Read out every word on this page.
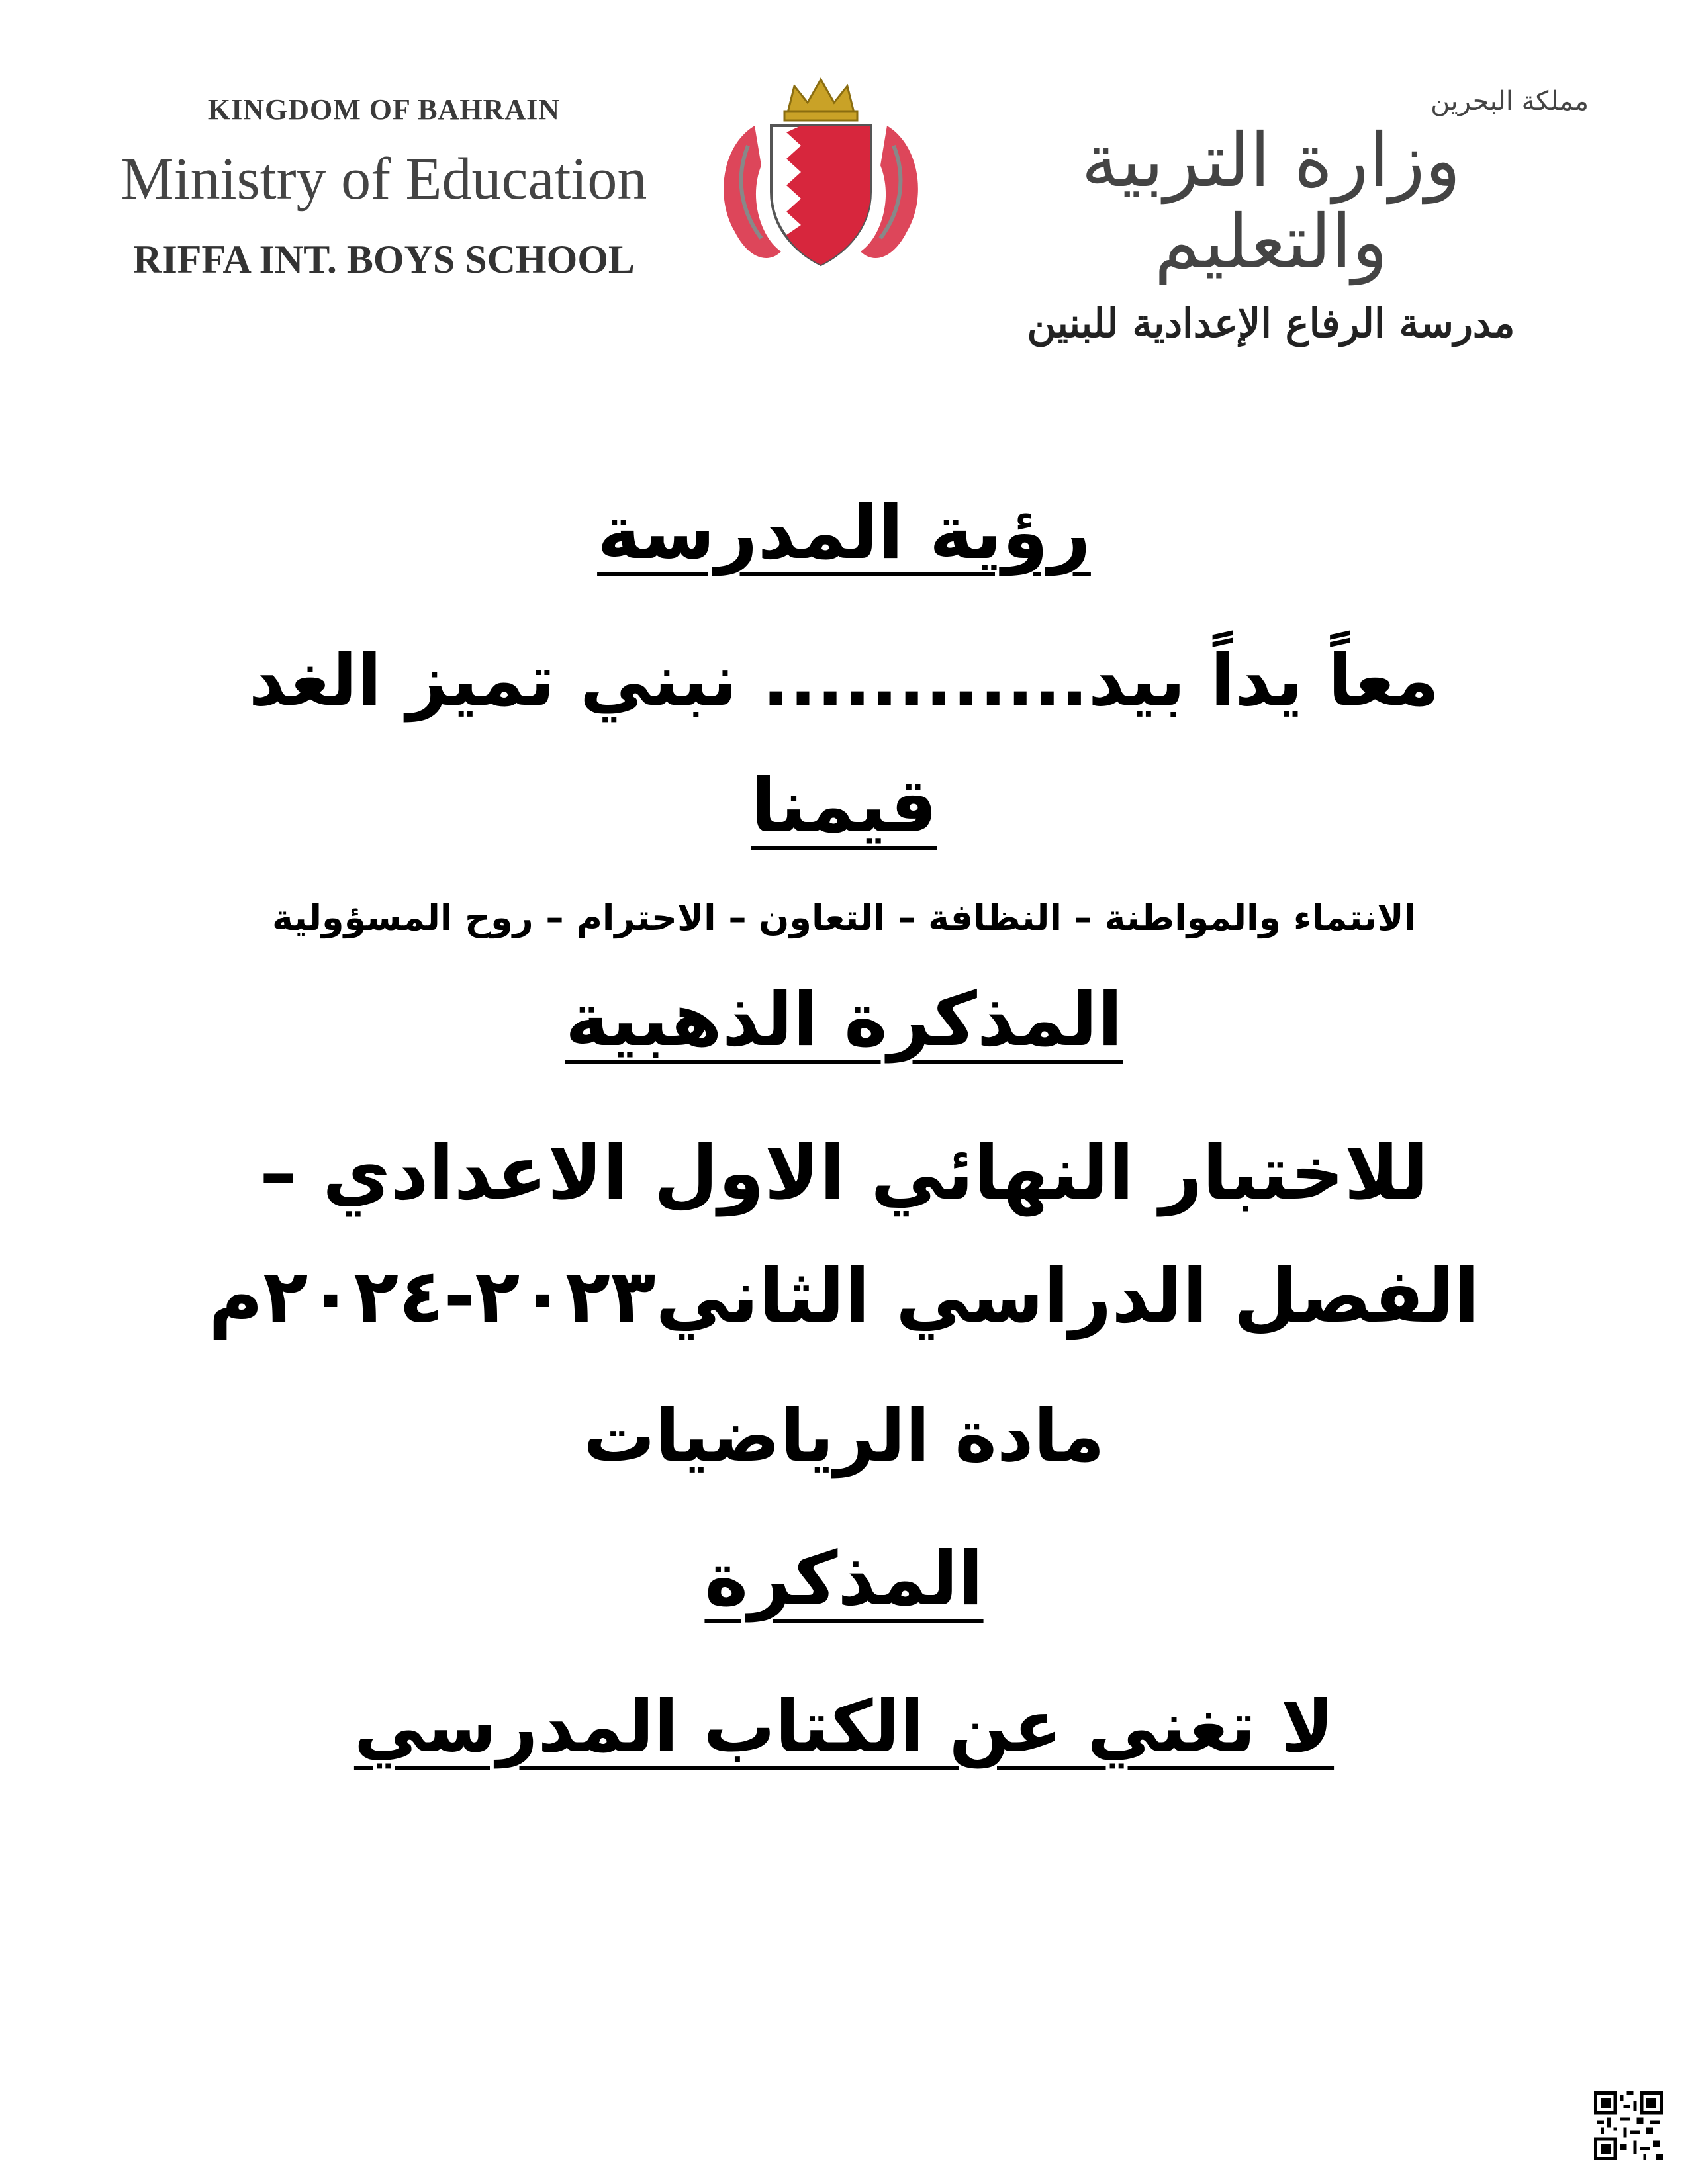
KINGDOM OF BAHRAIN
Ministry of Education
RIFFA INT. BOYS SCHOOL
مملكة البحرين
وزارة التربية والتعليم
مدرسة الرفاع الإعدادية للبنين
رؤية المدرسة
معاً يداً بيد............ نبني تميز الغد
قيمنا
الانتماء والمواطنة – النظافة – التعاون – الاحترام – روح المسؤولية
المذكرة الذهبية
للاختبار النهائي الاول الاعدادي –
الفصل الدراسي الثاني٢٠٢٣-٢٠٢٤م
مادة الرياضيات
المذكرة
لا تغني عن الكتاب المدرسي
